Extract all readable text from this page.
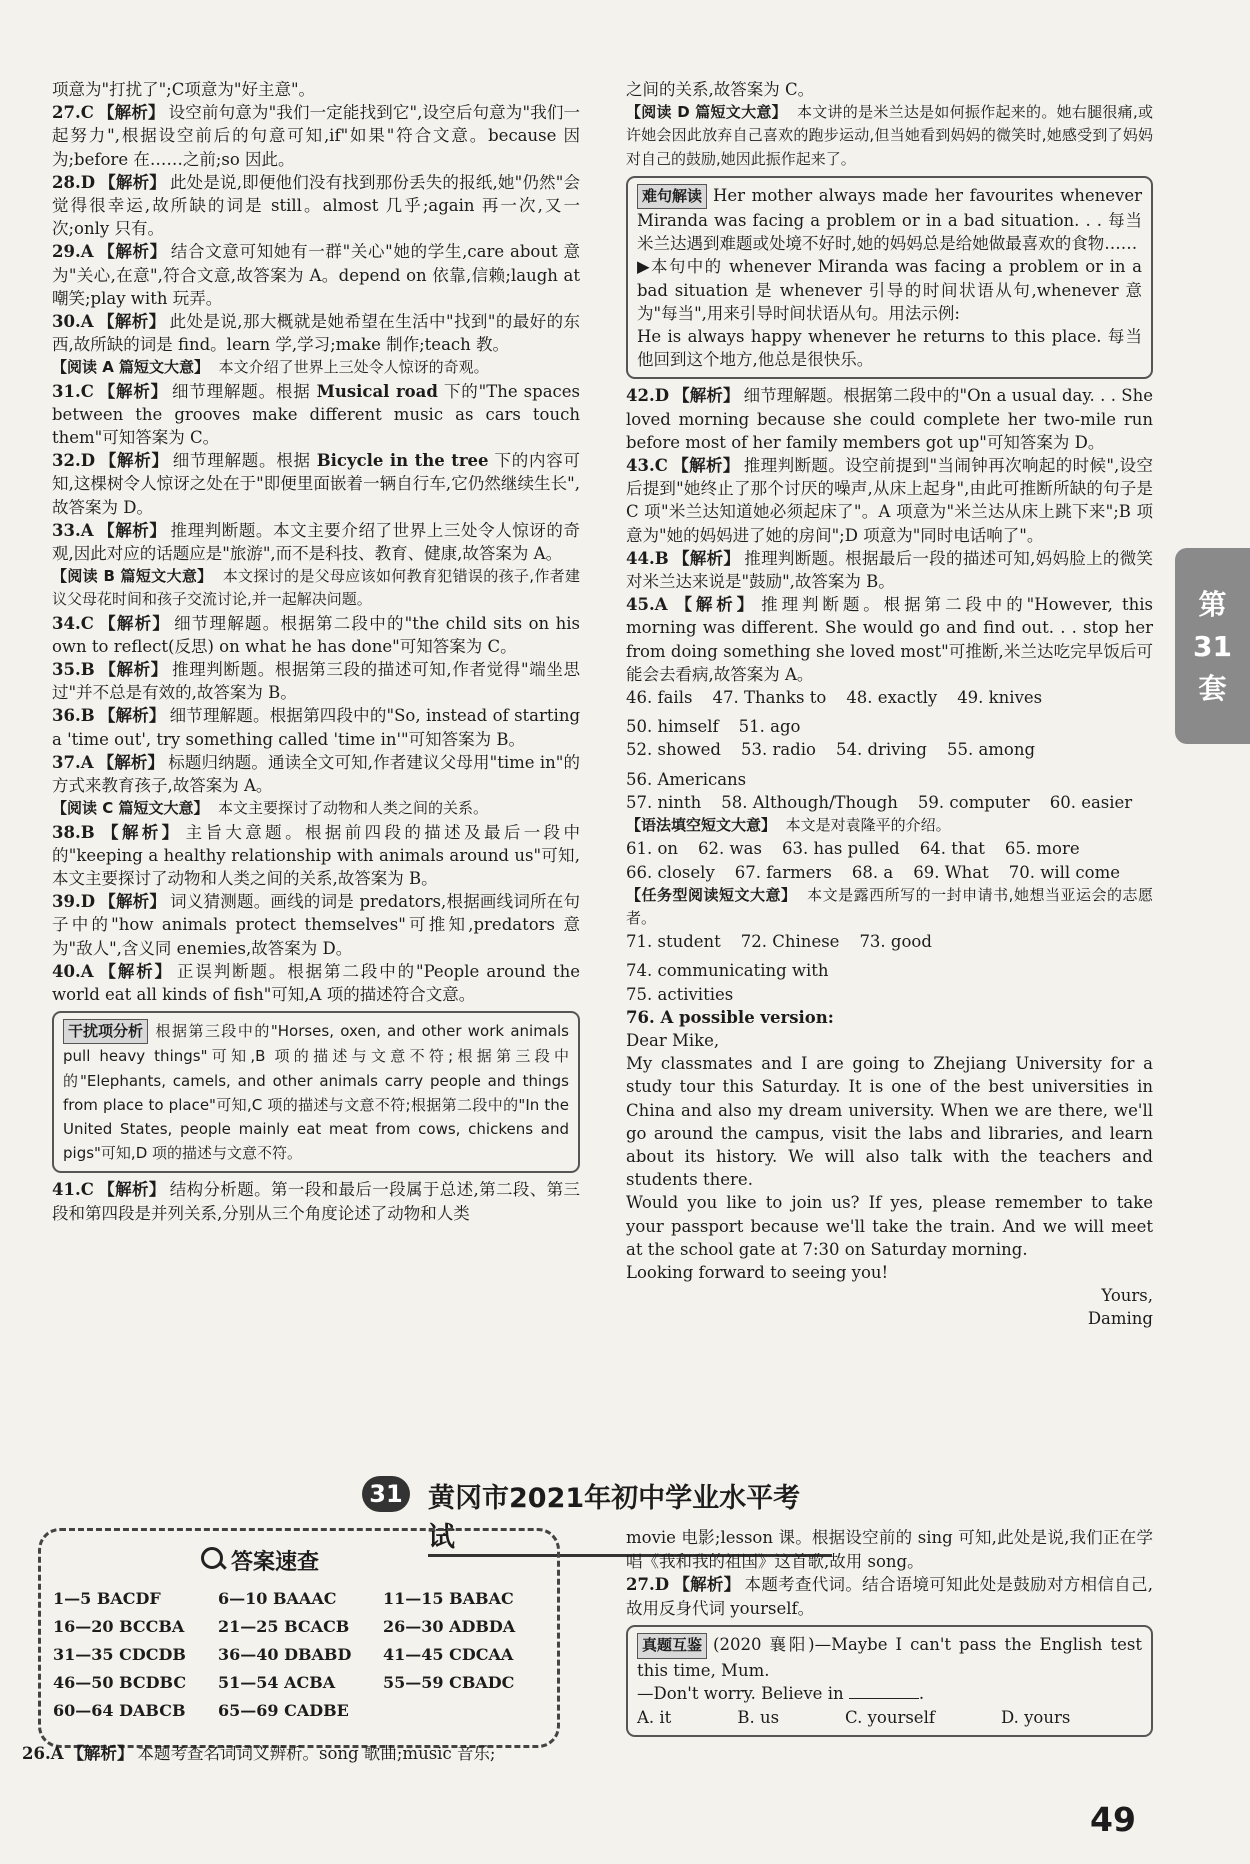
项意为"打扰了";C项意为"好主意"。

27.C 【解析】 设空前句意为"我们一定能找到它",设空后句意为"我们一起努力",根据设空前后的句意可知,if"如果"符合文意。because 因为;before 在……之前;so 因此。

28.D 【解析】 此处是说,即便他们没有找到那份丢失的报纸,她"仍然"会觉得很幸运,故所缺的词是 still。almost 几乎;again 再一次,又一次;only 只有。

29.A 【解析】 结合文意可知她有一群"关心"她的学生,care about 意为"关心,在意",符合文意,故答案为 A。depend on 依靠,信赖;laugh at 嘲笑;play with 玩弄。

30.A 【解析】 此处是说,那大概就是她希望在生活中"找到"的最好的东西,故所缺的词是 find。learn 学,学习;make 制作;teach 教。

【阅读 A 篇短文大意】 本文介绍了世界上三处令人惊讶的奇观。

31.C 【解析】 细节理解题。根据 Musical road 下的"The spaces between the grooves make different music as cars touch them"可知答案为 C。

32.D 【解析】 细节理解题。根据 Bicycle in the tree 下的内容可知,这棵树令人惊讶之处在于"即便里面嵌着一辆自行车,它仍然继续生长",故答案为 D。

33.A 【解析】 推理判断题。本文主要介绍了世界上三处令人惊讶的奇观,因此对应的话题应是"旅游",而不是科技、教育、健康,故答案为 A。

【阅读 B 篇短文大意】 本文探讨的是父母应该如何教育犯错误的孩子,作者建议父母花时间和孩子交流讨论,并一起解决问题。

34.C 【解析】 细节理解题。根据第二段中的"the child sits on his own to reflect(反思) on what he has done"可知答案为 C。

35.B 【解析】 推理判断题。根据第三段的描述可知,作者觉得"端坐思过"并不总是有效的,故答案为 B。

36.B 【解析】 细节理解题。根据第四段中的"So, instead of starting a 'time out', try something called 'time in'"可知答案为 B。

37.A 【解析】 标题归纳题。通读全文可知,作者建议父母用"time in"的方式来教育孩子,故答案为 A。

【阅读 C 篇短文大意】 本文主要探讨了动物和人类之间的关系。

38.B 【解析】 主旨大意题。根据前四段的描述及最后一段中的"keeping a healthy relationship with animals around us"可知,本文主要探讨了动物和人类之间的关系,故答案为 B。

39.D 【解析】 词义猜测题。画线的词是 predators,根据画线词所在句子中的"how animals protect themselves"可推知,predators 意为"敌人",含义同 enemies,故答案为 D。

40.A 【解析】 正误判断题。根据第二段中的"People around the world eat all kinds of fish"可知,A 项的描述符合文意。

干扰项分析 根据第三段中的"Horses, oxen, and other work animals pull heavy things"可知,B 项的描述与文意不符;根据第三段中的"Elephants, camels, and other animals carry people and things from place to place"可知,C 项的描述与文意不符;根据第二段中的"In the United States, people mainly eat meat from cows, chickens and pigs"可知,D 项的描述与文意不符。

41.C 【解析】 结构分析题。第一段和最后一段属于总述,第二段、第三段和第四段是并列关系,分别从三个角度论述了动物和人类

之间的关系,故答案为 C。

【阅读 D 篇短文大意】 本文讲的是米兰达是如何振作起来的。她右腿很痛,或许她会因此放弃自己喜欢的跑步运动,但当她看到妈妈的微笑时,她感受到了妈妈对自己的鼓励,她因此振作起来了。

难句解读 Her mother always made her favourites whenever Miranda was facing a problem or in a bad situation. . . 每当米兰达遇到难题或处境不好时,她的妈妈总是给她做最喜欢的食物……

▶本句中的 whenever Miranda was facing a problem or in a bad situation 是 whenever 引导的时间状语从句,whenever 意为"每当",用来引导时间状语从句。用法示例:

He is always happy whenever he returns to this place. 每当他回到这个地方,他总是很快乐。

42.D 【解析】 细节理解题。根据第二段中的"On a usual day. . . She loved morning because she could complete her two-mile run before most of her family members got up"可知答案为 D。

43.C 【解析】 推理判断题。设空前提到"当闹钟再次响起的时候",设空后提到"她终止了那个讨厌的噪声,从床上起身",由此可推断所缺的句子是 C 项"米兰达知道她必须起床了"。A 项意为"米兰达从床上跳下来";B 项意为"她的妈妈进了她的房间";D 项意为"同时电话响了"。

44.B 【解析】 推理判断题。根据最后一段的描述可知,妈妈脸上的微笑对米兰达来说是"鼓励",故答案为 B。

45.A 【解析】 推理判断题。根据第二段中的"However, this morning was different. She would go and find out. . . stop her from doing something she loved most"可推断,米兰达吃完早饭后可能会去看病,故答案为 A。

46. fails 47. Thanks to 48. exactly 49. knives
50. himself 51. ago
52. showed 53. radio 54. driving 55. among
56. Americans
57. ninth 58. Although/Though 59. computer 60. easier

【语法填空短文大意】 本文是对袁隆平的介绍。

61. on 62. was 63. has pulled 64. that 65. more
66. closely 67. farmers 68. a 69. What 70. will come

【任务型阅读短文大意】 本文是露西所写的一封申请书,她想当亚运会的志愿者。

71. student 72. Chinese 73. good
74. communicating with

75. activities

76. A possible version:

Dear Mike,

My classmates and I are going to Zhejiang University for a study tour this Saturday. It is one of the best universities in China and also my dream university. When we are there, we'll go around the campus, visit the labs and libraries, and learn about its history. We will also talk with the teachers and students there.

Would you like to join us? If yes, please remember to take your passport because we'll take the train. And we will meet at the school gate at 7:30 on Saturday morning.

Looking forward to seeing you!

Yours,

Daming

第
31
套
31 黄冈市2021年初中学业水平考试
答案速查
1—5 BACDF	6—10 BAAAC	11—15 BABAC
16—20 BCCBA	21—25 BCACB	26—30 ADBDA
31—35 CDCDB	36—40 DBABD	41—45 CDCAA
46—50 BCDBC	51—54 ACBA	55—59 CBADC
60—64 DABCB	65—69 CADBE

26.A 【解析】 本题考查名词词义辨析。song 歌曲;music 音乐;

movie 电影;lesson 课。根据设空前的 sing 可知,此处是说,我们正在学唱《我和我的祖国》这首歌,故用 song。

27.D 【解析】 本题考查代词。结合语境可知此处是鼓励对方相信自己,故用反身代词 yourself。

真题互鉴 (2020 襄阳)—Maybe I can't pass the English test this time, Mum.

—Don't worry. Believe in	.

A. it	B. us	C. yourself	D. yours
49
